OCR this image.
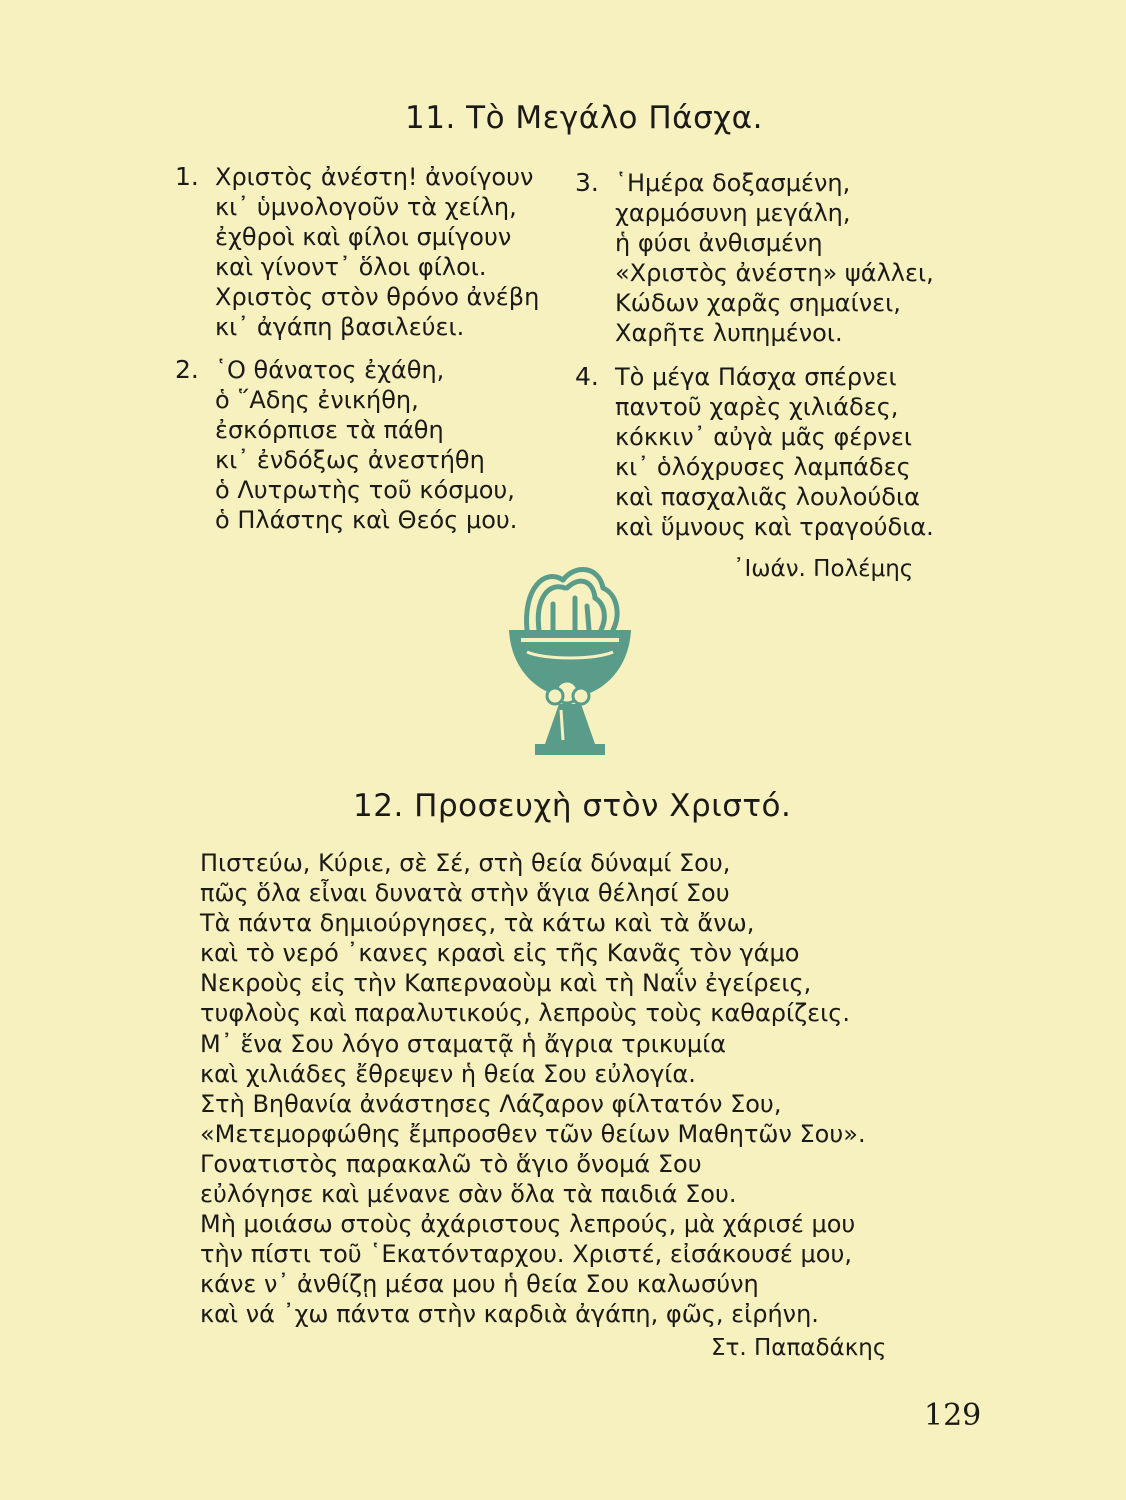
11. Τὸ Μεγάλο Πάσχα.
1. Χριστὸς ἀνέστη! ἀνοίγουν
κι᾽ ὑμνολογοῦν τὰ χείλη,
ἐχθροὶ καὶ φίλοι σμίγουν
καὶ γίνοντ᾽ ὅλοι φίλοι.
Χριστὸς στὸν θρόνο ἀνέβη
κι᾽ ἀγάπη βασιλεύει.
2. ῾Ο θάνατος ἐχάθη,
ὁ ῞Αδης ἐνικήθη,
ἐσκόρπισε τὰ πάθη
κι᾽ ἐνδόξως ἀνεστήθη
ὁ Λυτρωτὴς τοῦ κόσμου,
ὁ Πλάστης καὶ Θεός μου.
3. ῾Ημέρα δοξασμένη,
χαρμόσυνη μεγάλη,
ἡ φύσι ἀνθισμένη
«Χριστὸς ἀνέστη» ψάλλει,
Κώδων χαρᾶς σημαίνει,
Χαρῆτε λυπημένοι.
4. Τὸ μέγα Πάσχα σπέρνει
παντοῦ χαρὲς χιλιάδες,
κόκκιν᾽ αὐγὰ μᾶς φέρνει
κι᾽ ὁλόχρυσες λαμπάδες
καὶ πασχαλιᾶς λουλούδια
καὶ ὕμνους καὶ τραγούδια.
᾽Ιωάν. Πολέμης
12. Προσευχὴ στὸν Χριστό.
Πιστεύω, Κύριε, σὲ Σέ, στὴ θεία δύναμί Σου,
πῶς ὅλα εἶναι δυνατὰ στὴν ἅγια θέλησί Σου
Τὰ πάντα δημιούργησες, τὰ κάτω καὶ τὰ ἄνω,
καὶ τὸ νερό ᾽κανες κρασὶ εἰς τῆς Κανᾶς τὸν γάμο
Νεκροὺς εἰς τὴν Καπερναοὺμ καὶ τὴ Ναΐν ἐγείρεις,
τυφλοὺς καὶ παραλυτικούς, λεπροὺς τοὺς καθαρίζεις.
Μ᾽ ἕνα Σου λόγο σταματᾷ ἡ ἄγρια τρικυμία
καὶ χιλιάδες ἔθρεψεν ἡ θεία Σου εὐλογία.
Στὴ Βηθανία ἀνάστησες Λάζαρον φίλτατόν Σου,
«Μετεμορφώθης ἔμπροσθεν τῶν θείων Μαθητῶν Σου».
Γονατιστὸς παρακαλῶ τὸ ἅγιο ὄνομά Σου
εὐλόγησε καὶ μένανε σὰν ὅλα τὰ παιδιά Σου.
Μὴ μοιάσω στοὺς ἀχάριστους λεπρούς, μὰ χάρισέ μου
τὴν πίστι τοῦ ῾Εκατόνταρχου. Χριστέ, εἰσάκουσέ μου,
κάνε ν᾽ ἀνθίζῃ μέσα μου ἡ θεία Σου καλωσύνη
καὶ νά ᾽χω πάντα στὴν καρδιὰ ἀγάπη, φῶς, εἰρήνη.
Στ. Παπαδάκης
129
